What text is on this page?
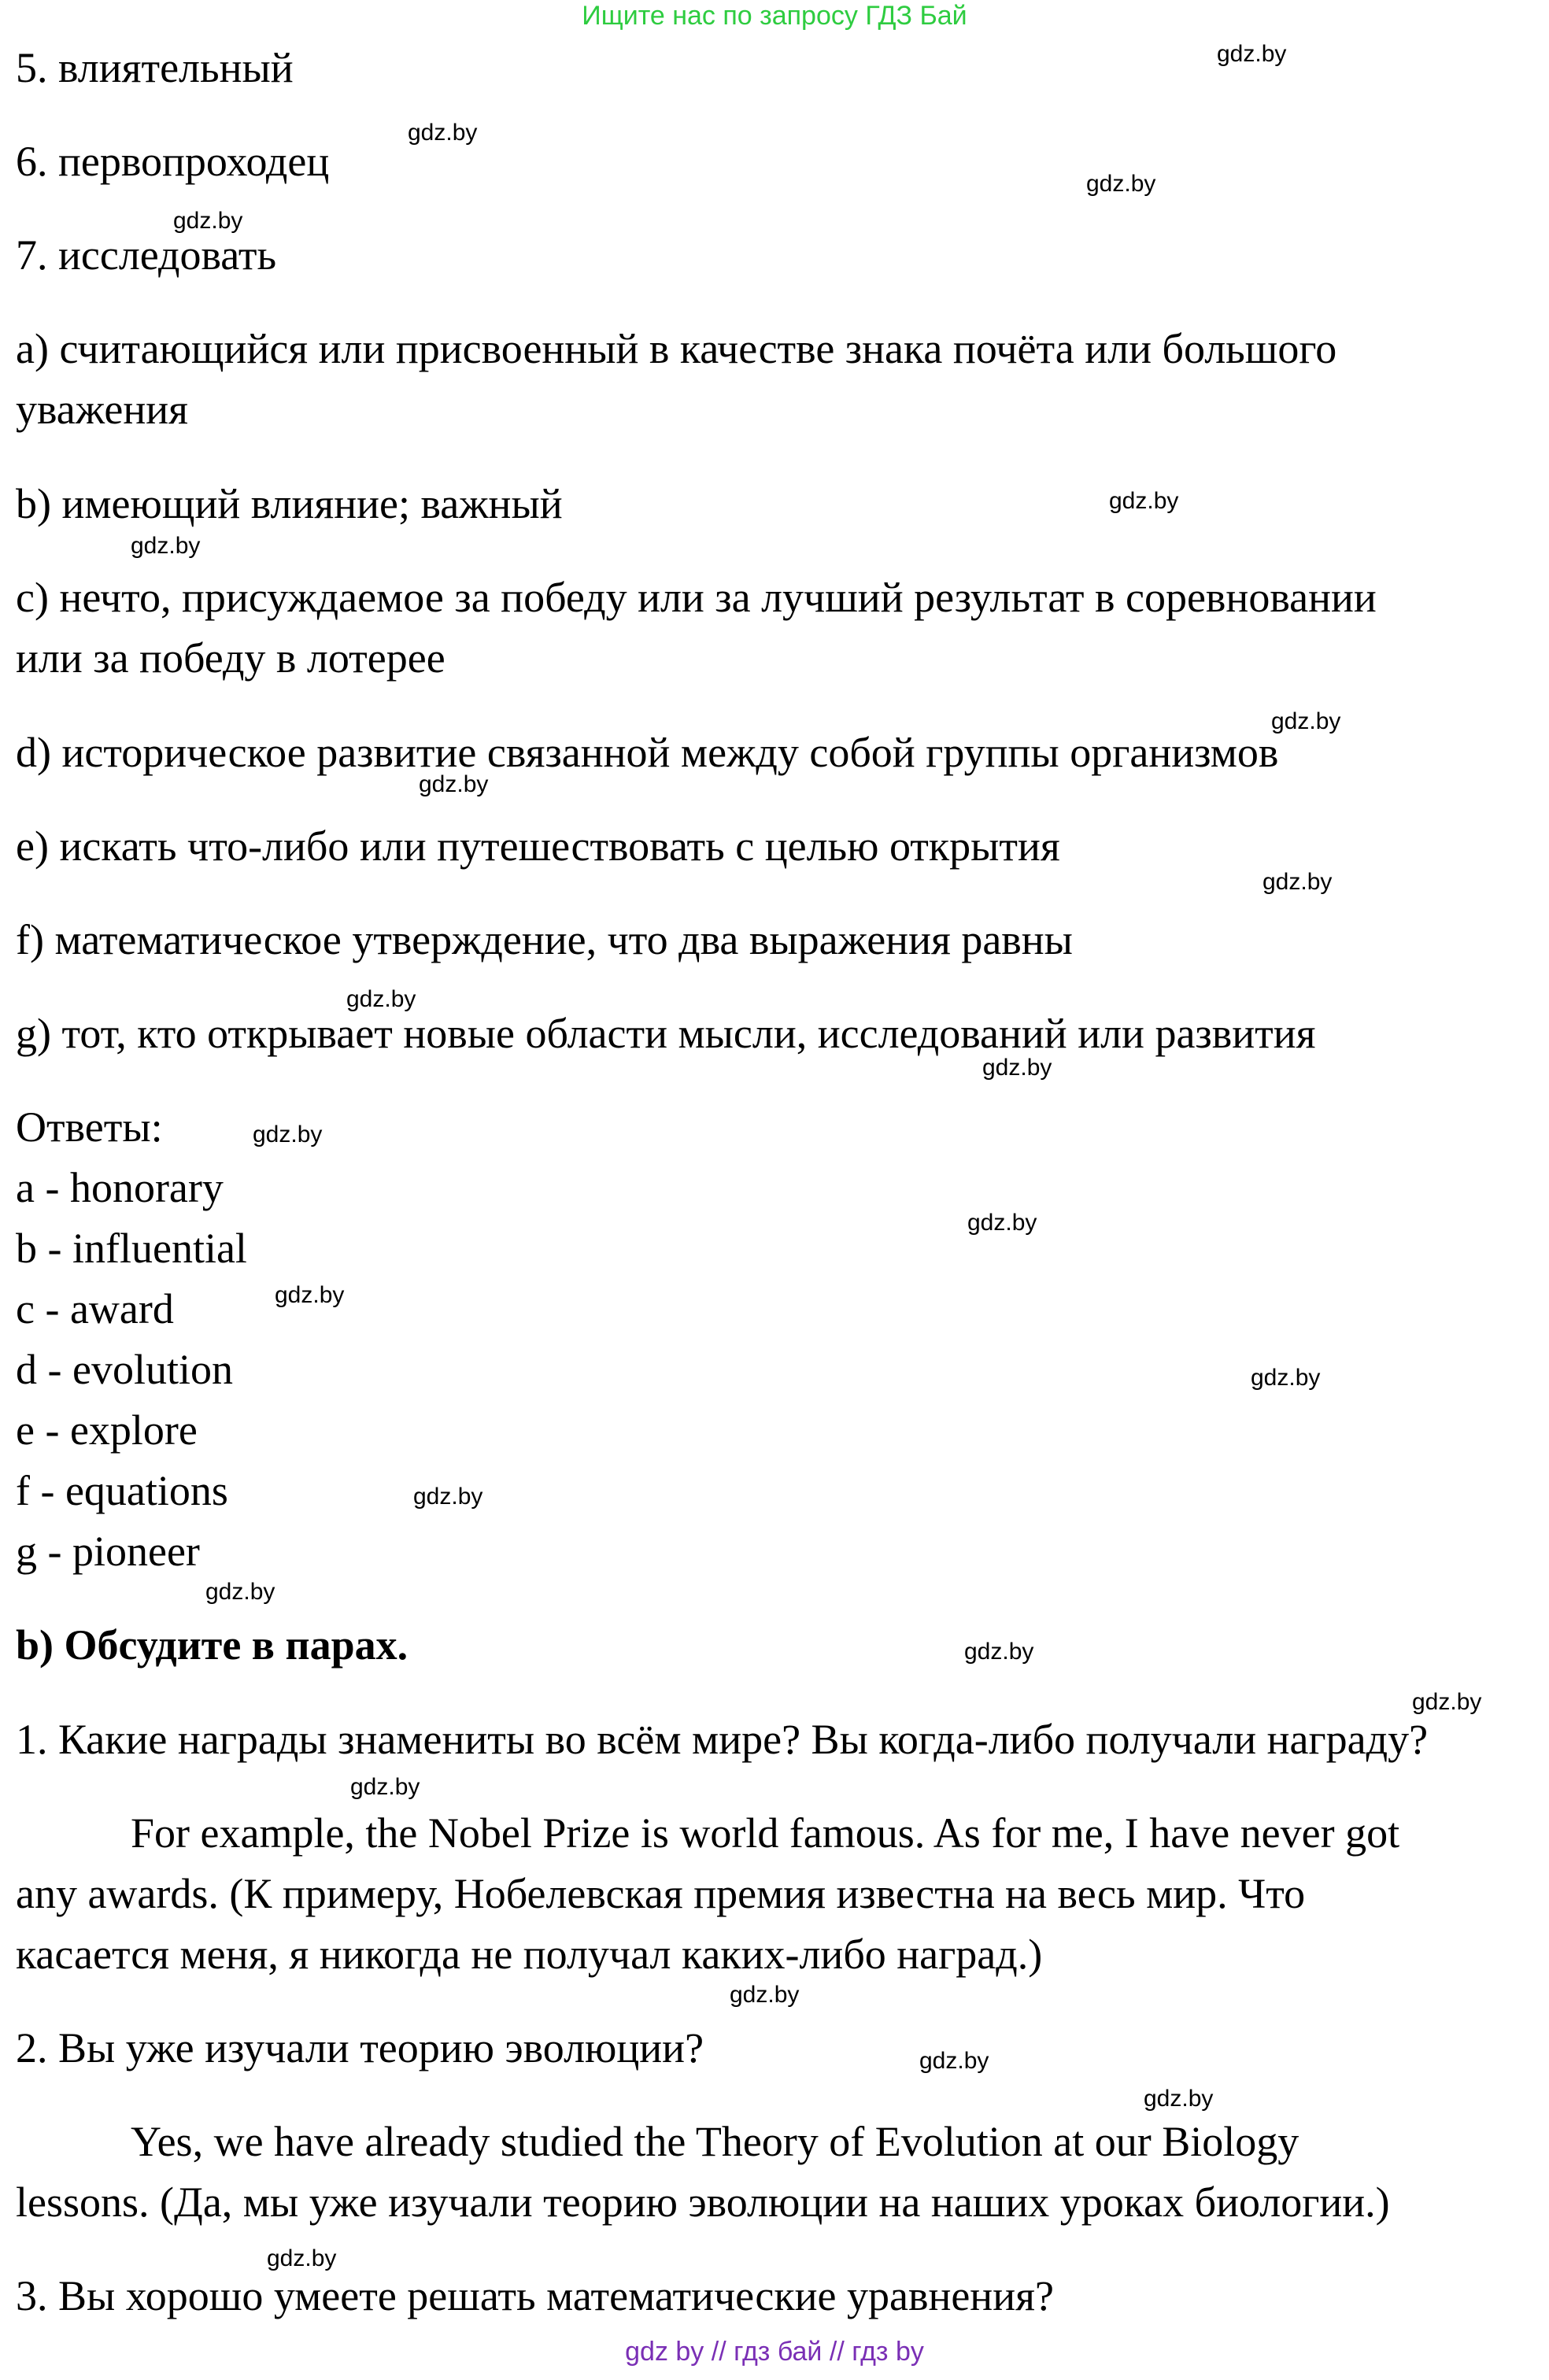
Ищите нас по запросу ГДЗ Бай
5. влиятельный
6. первопроходец
7. исследовать
a) считающийся или присвоенный в качестве знака почёта или большого
уважения
b) имеющий влияние; важный
c) нечто, присуждаемое за победу или за лучший результат в соревновании
или за победу в лотерее
d) историческое развитие связанной между собой группы организмов
e) искать что-либо или путешествовать с целью открытия
f) математическое утверждение, что два выражения равны
g) тот, кто открывает новые области мысли, исследований или развития
Ответы:
a - honorary
b - influential
c - award
d - evolution
e - explore
f - equations
g - pioneer
b) Обсудите в парах.
1. Какие награды знамениты во всём мире? Вы когда-либо получали награду?
For example, the Nobel Prize is world famous. As for me, I have never got
any awards. (К примеру, Нобелевская премия известна на весь мир. Что
касается меня, я никогда не получал каких-либо наград.)
2. Вы уже изучали теорию эволюции?
Yes, we have already studied the Theory of Evolution at our Biology
lessons. (Да, мы уже изучали теорию эволюции на наших уроках биологии.)
3. Вы хорошо умеете решать математические уравнения?
gdz.by
gdz.by
gdz.by
gdz.by
gdz.by
gdz.by
gdz.by
gdz.by
gdz.by
gdz.by
gdz.by
gdz.by
gdz.by
gdz.by
gdz.by
gdz.by
gdz.by
gdz.by
gdz.by
gdz.by
gdz.by
gdz.by
gdz.by
gdz.by
gdz by // гдз бай // гдз by
